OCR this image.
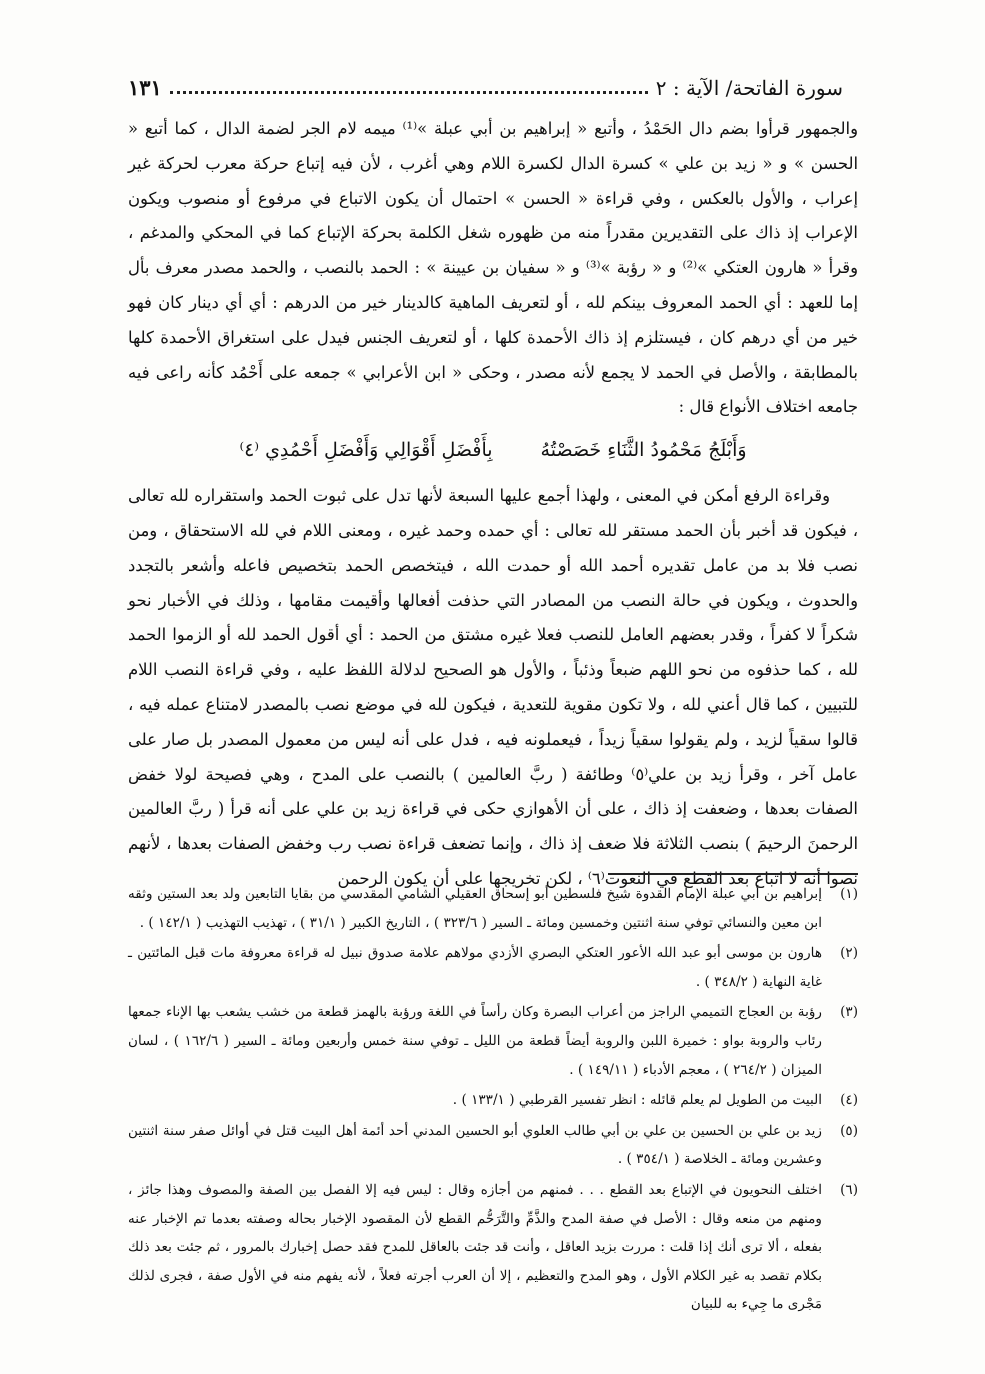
١٣١	سورة الفاتحة/ الآية : ٢

والجمهور قرأوا بضم دال الحَمْدُ ، وأتبع « إبراهيم بن أبي عبلة »⁽¹⁾ ميمه لام الجر لضمة الدال ، كما أتبع « الحسن » و « زيد بن علي » كسرة الدال لكسرة اللام وهي أغرب ، لأن فيه إتباع حركة معرب لحركة غير إعراب ، والأول بالعكس ، وفي قراءة « الحسن » احتمال أن يكون الاتباع في مرفوع أو منصوب ويكون الإعراب إذ ذاك على التقديرين مقدراً منه من ظهوره شغل الكلمة بحركة الإتباع كما في المحكي والمدغم ، وقرأ « هارون العتكي »⁽²⁾ و « رؤبة »⁽³⁾ و « سفيان بن عيينة » : الحمد بالنصب ، والحمد مصدر معرف بأل إما للعهد : أي الحمد المعروف بينكم لله ، أو لتعريف الماهية كالدينار خير من الدرهم : أي أي دينار كان فهو خير من أي درهم كان ، فيستلزم إذ ذاك الأحمدة كلها ، أو لتعريف الجنس فيدل على استغراق الأحمدة كلها بالمطابقة ، والأصل في الحمد لا يجمع لأنه مصدر ، وحكى « ابن الأعرابي » جمعه على أَحْمُد كأنه راعى فيه جامعه اختلاف الأنواع قال :

وَأَبْلَجُ مَحْمُودُ الثَّنَاءِ خَصَصْتُهُ
بِأَفْضَلِ أَقْوَالِي وَأَفْضَلِ أَحْمُدِي ⁽٤⁾

وقراءة الرفع أمكن في المعنى ، ولهذا أجمع عليها السبعة لأنها تدل على ثبوت الحمد واستقراره لله تعالى ، فيكون قد أخبر بأن الحمد مستقر لله تعالى : أي حمده وحمد غيره ، ومعنى اللام في لله الاستحقاق ، ومن نصب فلا بد من عامل تقديره أحمد الله أو حمدت الله ، فيتخصص الحمد بتخصيص فاعله وأشعر بالتجدد والحدوث ، ويكون في حالة النصب من المصادر التي حذفت أفعالها وأقيمت مقامها ، وذلك في الأخبار نحو شكراً لا كفراً ، وقدر بعضهم العامل للنصب فعلا غيره مشتق من الحمد : أي أقول الحمد لله أو الزموا الحمد لله ، كما حذفوه من نحو اللهم ضبعاً وذئباً ، والأول هو الصحيح لدلالة اللفظ عليه ، وفي قراءة النصب اللام للتبيين ، كما قال أعني لله ، ولا تكون مقوية للتعدية ، فيكون لله في موضع نصب بالمصدر لامتناع عمله فيه ، قالوا سقياً لزيد ، ولم يقولوا سقياً زيداً ، فيعملونه فيه ، فدل على أنه ليس من معمول المصدر بل صار على عامل آخر ، وقرأ زيد بن علي⁽٥⁾ وطائفة ( ربَّ العالمين ) بالنصب على المدح ، وهي فصيحة لولا خفض الصفات بعدها ، وضعفت إذ ذاك ، على أن الأهوازي حكى في قراءة زيد بن علي على أنه قرأ ( ربَّ العالمين الرحمنَ الرحيمَ ) بنصب الثلاثة فلا ضعف إذ ذاك ، وإنما تضعف قراءة نصب رب وخفض الصفات بعدها ، لأنهم نصوا أنه لا اتباع بعد القطع في النعوت⁽٦⁾ ، لكن تخريجها على أن يكون الرحمن

(١)
إبراهيم بن أبي عبلة الإمام القدوة شيخ فلسطين أبو إسحاق العقيلي الشامي المقدسي من بقايا التابعين ولد بعد الستين وثقه ابن معين والنسائي توفي سنة اثنتين وخمسين ومائة ـ السير ( ٣٢٣/٦ ) ، التاريخ الكبير ( ٣١/١ ) ، تهذيب التهذيب ( ١٤٢/١ ) .
(٢)
هارون بن موسى أبو عبد الله الأعور العتكي البصري الأزدي مولاهم علامة صدوق نبيل له قراءة معروفة مات قبل المائتين ـ غاية النهاية ( ٣٤٨/٢ ) .
(٣)
رؤبة بن العجاج التميمي الراجز من أعراب البصرة وكان رأساً في اللغة ورؤبة بالهمز قطعة من خشب يشعب بها الإناء جمعها رئاب والروبة بواو : خميرة اللبن والروبة أيضاً قطعة من الليل ـ توفي سنة خمس وأربعين ومائة ـ السير ( ١٦٢/٦ ) ، لسان الميزان ( ٢٦٤/٢ ) ، معجم الأدباء ( ١٤٩/١١ ) .
(٤)
البيت من الطويل لم يعلم قائله : انظر تفسير القرطبي ( ١٣٣/١ ) .
(٥)
زيد بن علي بن الحسين بن علي بن أبي طالب العلوي أبو الحسين المدني أحد أئمة أهل البيت قتل في أوائل صفر سنة اثنتين وعشرين ومائة ـ الخلاصة ( ٣٥٤/١ ) .
(٦)
اختلف النحويون في الإتباع بعد القطع . . . فمنهم من أجازه وقال : ليس فيه إلا الفصل بين الصفة والمصوف وهذا جائز ، ومنهم من منعه وقال : الأصل في صفة المدح والذَّمِّ والتَّرَحُّم القطع لأن المقصود الإخبار بحاله وصفته بعدما تم الإخبار عنه بفعله ، ألا ترى أنك إذا قلت : مررت بزيد العاقل ، وأنت قد جئت بالعاقل للمدح فقد حصل إخبارك بالمرور ، ثم جئت بعد ذلك بكلام تقصد به غير الكلام الأول ، وهو المدح والتعظيم ، إلا أن العرب أجرته فعلاً ، لأنه يفهم منه في الأول صفة ، فجرى لذلك مَجْرى ما جِيء به للبيان
